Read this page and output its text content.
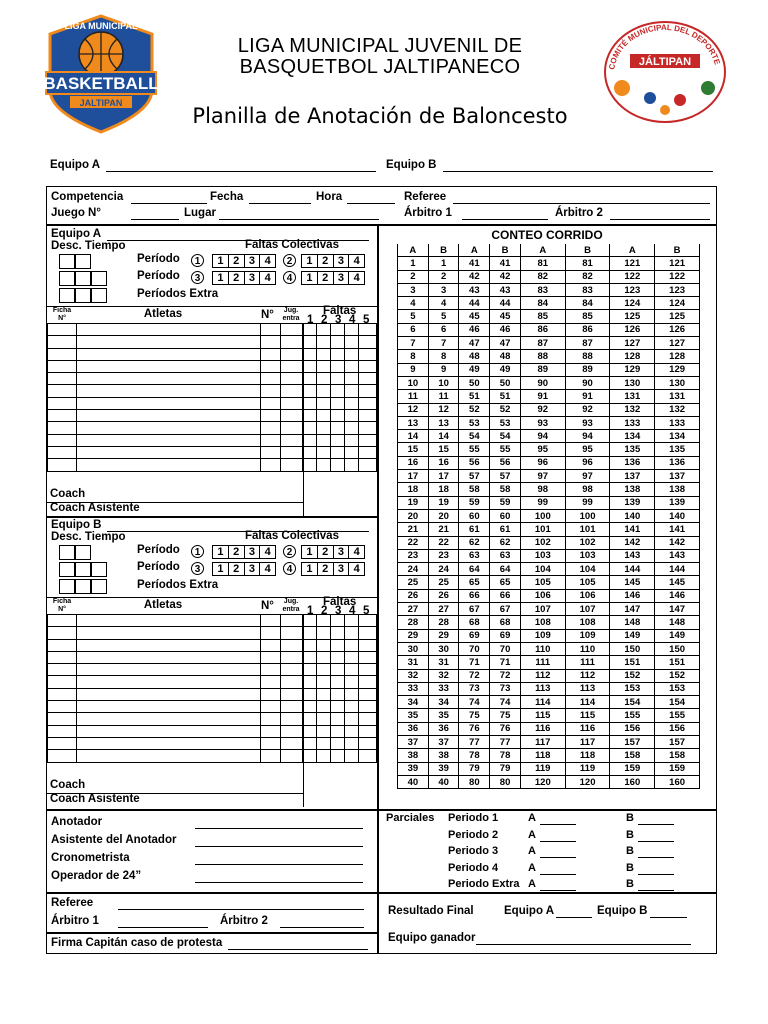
LIGA MUNICIPAL
BASKETBALL
JALTIPAN
LIGA MUNICIPAL JUVENIL DE
BASQUETBOL JALTIPANECO	COMITÉ MUNICIPAL DEL DEPORTE
JÁLTIPAN
Planilla de Anotación de Baloncesto
Equipo A	Equipo B
Competencia	Fecha	Hora	Referee
Juego N°	Lugar	Árbitro 1	Árbitro 2
Equipo A
Desc. Tiempo	Faltas Colectivas
Período	1	1 2 3 4	2	1 2 3 4
Período	3	1 2 3 4	4	1 2 3 4
Períodos Extra
Ficha N°	Atletas	N°	Jug. entra
Faltas
1 2 3 4 5

Coach
Coach Asistente
Equipo B
Desc. Tiempo	Faltas Colectivas
Período	1	1 2 3 4	2	1 2 3 4
Período	3	1 2 3 4	4	1 2 3 4
Períodos Extra
Ficha N°	Atletas	N°	Jug. entra
Faltas
1 2 3 4 5

Coach
Coach Asistente
CONTEO CORRIDO
A	B	A	B	A	B	A	B
1	1	41	41	81	81	121	121
2	2	42	42	82	82	122	122
3	3	43	43	83	83	123	123
4	4	44	44	84	84	124	124
5	5	45	45	85	85	125	125
6	6	46	46	86	86	126	126
7	7	47	47	87	87	127	127
8	8	48	48	88	88	128	128
9	9	49	49	89	89	129	129
10	10	50	50	90	90	130	130
11	11	51	51	91	91	131	131
12	12	52	52	92	92	132	132
13	13	53	53	93	93	133	133
14	14	54	54	94	94	134	134
15	15	55	55	95	95	135	135
16	16	56	56	96	96	136	136
17	17	57	57	97	97	137	137
18	18	58	58	98	98	138	138
19	19	59	59	99	99	139	139
20	20	60	60	100	100	140	140
21	21	61	61	101	101	141	141
22	22	62	62	102	102	142	142
23	23	63	63	103	103	143	143
24	24	64	64	104	104	144	144
25	25	65	65	105	105	145	145
26	26	66	66	106	106	146	146
27	27	67	67	107	107	147	147
28	28	68	68	108	108	148	148
29	29	69	69	109	109	149	149
30	30	70	70	110	110	150	150
31	31	71	71	111	111	151	151
32	32	72	72	112	112	152	152
33	33	73	73	113	113	153	153
34	34	74	74	114	114	154	154
35	35	75	75	115	115	155	155
36	36	76	76	116	116	156	156
37	37	77	77	117	117	157	157
38	38	78	78	118	118	158	158
39	39	79	79	119	119	159	159
40	40	80	80	120	120	160	160
Anotador
Asistente del Anotador
Cronometrista
Operador de 24”
Parciales Periodo 1	A	B
Periodo 2	A	B
Periodo 3	A	B
Periodo 4	A	B
Periodo Extra A	B
Referee
Árbitro 1	Árbitro 2
Firma Capitán caso de protesta
Resultado Final	Equipo A	Equipo B
Equipo ganador
